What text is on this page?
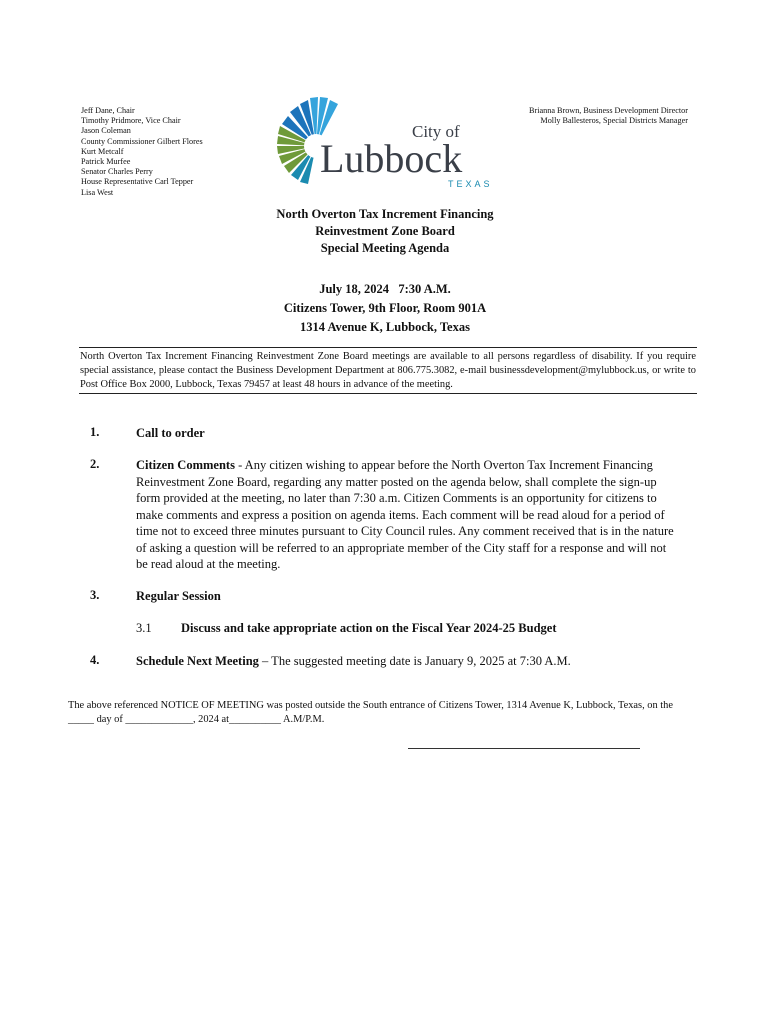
Jeff Dane, Chair
Timothy Pridmore, Vice Chair
Jason Coleman
County Commissioner Gilbert Flores
Kurt Metcalf
Patrick Murfee
Senator Charles Perry
House Representative Carl Tepper
Lisa West
Brianna Brown, Business Development Director
Molly Ballesteros, Special Districts Manager
City of
Lubbock
TEXAS
North Overton Tax Increment Financing
Reinvestment Zone Board
Special Meeting Agenda
July 18, 2024   7:30 A.M.
Citizens Tower, 9th Floor, Room 901A
1314 Avenue K, Lubbock, Texas
North Overton Tax Increment Financing Reinvestment Zone Board meetings are available to all persons regardless of disability. If you require special assistance, please contact the Business Development Department at 806.775.3082, e-mail businessdevelopment@mylubbock.us, or write to Post Office Box 2000, Lubbock, Texas 79457 at least 48 hours in advance of the meeting.
1.	Call to order
2.	Citizen Comments - Any citizen wishing to appear before the North Overton Tax Increment Financing Reinvestment Zone Board, regarding any matter posted on the agenda below, shall complete the sign-up form provided at the meeting, no later than 7:30 a.m. Citizen Comments is an opportunity for citizens to make comments and express a position on agenda items. Each comment will be read aloud for a period of time not to exceed three minutes pursuant to City Council rules. Any comment received that is in the nature of asking a question will be referred to an appropriate member of the City staff for a response and will not be read aloud at the meeting.
3.	Regular Session
3.1 Discuss and take appropriate action on the Fiscal Year 2024-25 Budget
4.	Schedule Next Meeting – The suggested meeting date is January 9, 2025 at 7:30 A.M.
The above referenced NOTICE OF MEETING was posted outside the South entrance of Citizens Tower, 1314 Avenue K, Lubbock, Texas, on the _____ day of _____________, 2024 at__________ A.M/P.M.
